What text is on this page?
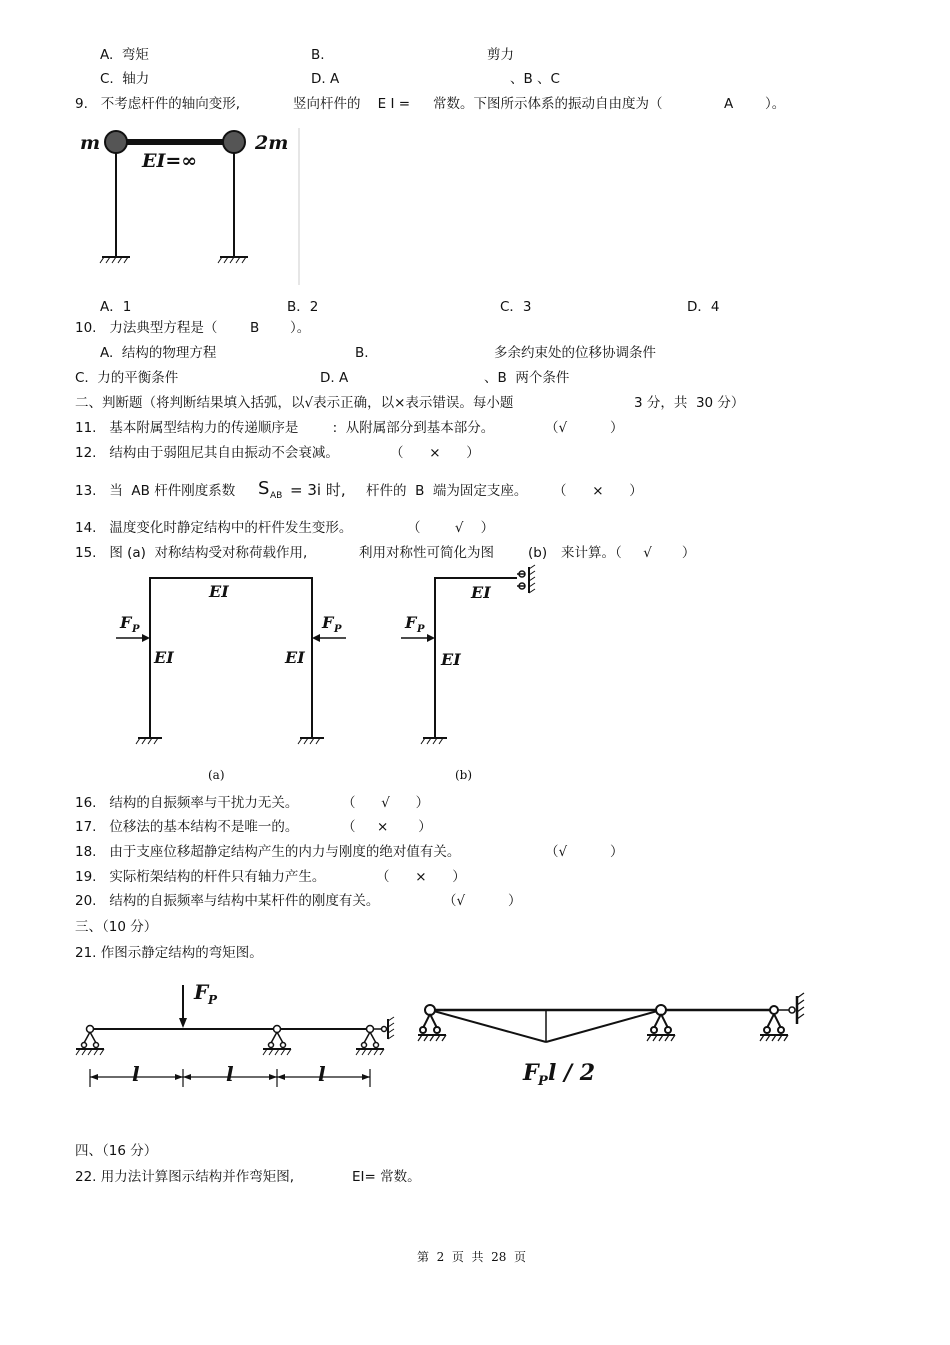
A.  弯矩	B.	剪力
C.  轴力	D. A	、B 、C
9.   不考虑杆件的轴向变形,	竖向杆件的    E I = 常数。下图所示体系的振动自由度为（	A ）。
m	2m
EI=∞
A．1	B．2	C．3	D．4
10.   力法典型方程是（ B ）。
A.  结构的物理方程	B.	多余约束处的位移协调条件
C.  力的平衡条件	D. A	、B  两个条件
二、判断题（将判断结果填入括弧，以√表示正确，以×表示错误。每小题	3 分，共  30 分）
11.   基本附属型结构力的传递顺序是        :  从附属部分到基本部分。	（√          ）
12.   结构由于弱阻尼其自由振动不会衰减。	（      ×      ）
13.   当  AB 杆件刚度系数 S AB = 3i 时, 杆件的  B  端为固定支座。 （      ×      ）
14.   温度变化时静定结构中的杆件发生变形。	（        √    ）
15.   图 (a)  对称结构受对称荷载作用,	利用对称性可简化为图	(b) 来计算。（     √       ）
EI
EI	EI
F P	F P
(a)
EI
EI
F P
(b)
16.   结构的自振频率与干扰力无关。	（      √      ）
17.   位移法的基本结构不是唯一的。	（     ×       ）
18.   由于支座位移超静定结构产生的内力与刚度的绝对值有关。	（√          ）
19.   实际桁架结构的杆件只有轴力产生。	（      ×      ）
20.   结构的自振频率与结构中某杆件的刚度有关。	（√          ）
三、（10 分）
21. 作图示静定结构的弯矩图。
F P
l	l	l	F P l / 2
四、（16 分）
22. 用力法计算图示结构并作弯矩图,	EI= 常数。
第  2  页  共  28  页
